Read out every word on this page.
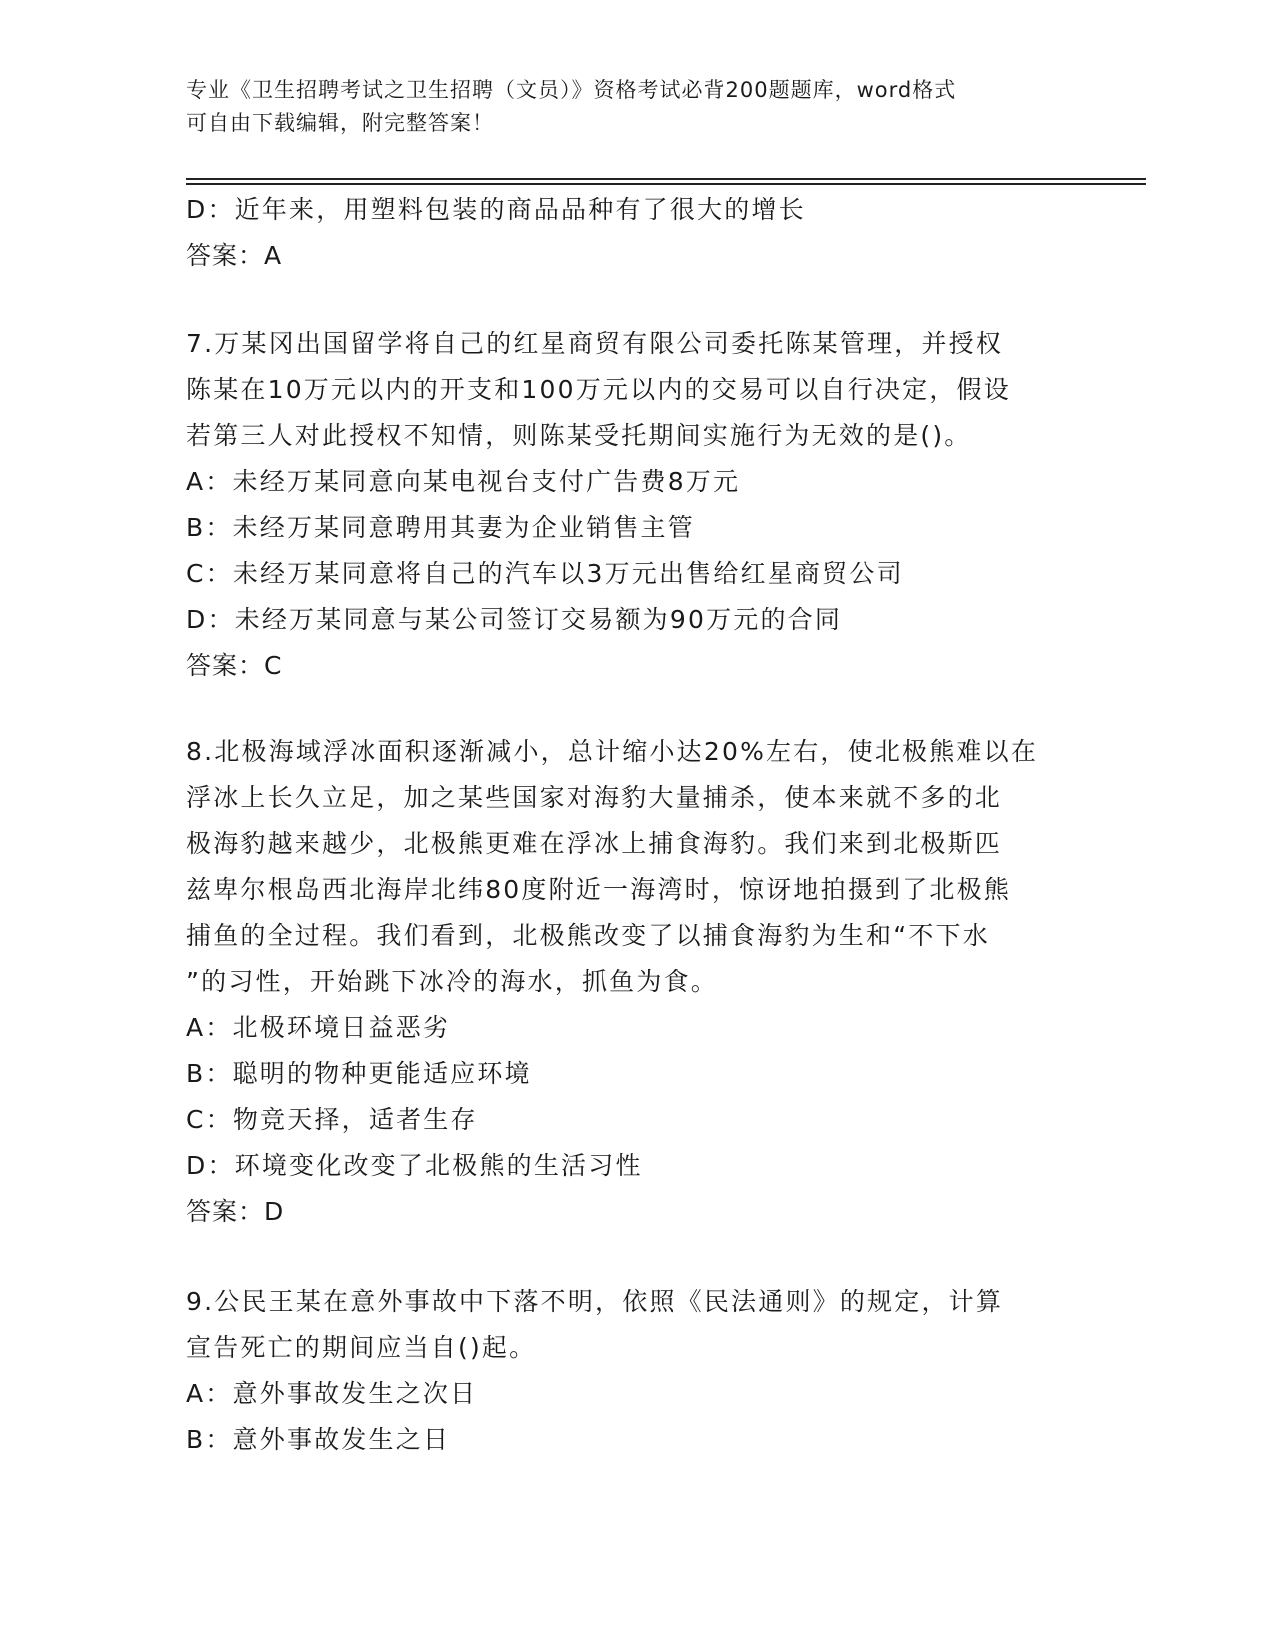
专业《卫生招聘考试之卫生招聘（文员）》资格考试必背200题题库，word格式
可自由下载编辑，附完整答案！
D：近年来，用塑料包装的商品品种有了很大的增长
答案：A
7.万某冈出国留学将自己的红星商贸有限公司委托陈某管理，并授权
陈某在10万元以内的开支和100万元以内的交易可以自行决定，假设
若第三人对此授权不知情，则陈某受托期间实施行为无效的是()。
A：未经万某同意向某电视台支付广告费8万元
B：未经万某同意聘用其妻为企业销售主管
C：未经万某同意将自己的汽车以3万元出售给红星商贸公司
D：未经万某同意与某公司签订交易额为90万元的合同
答案：C
8.北极海域浮冰面积逐渐减小，总计缩小达20%左右，使北极熊难以在
浮冰上长久立足，加之某些国家对海豹大量捕杀，使本来就不多的北
极海豹越来越少，北极熊更难在浮冰上捕食海豹。我们来到北极斯匹
兹卑尔根岛西北海岸北纬80度附近一海湾时，惊讶地拍摄到了北极熊
捕鱼的全过程。我们看到，北极熊改变了以捕食海豹为生和“不下水
”的习性，开始跳下冰冷的海水，抓鱼为食。
A：北极环境日益恶劣
B：聪明的物种更能适应环境
C：物竞天择，适者生存
D：环境变化改变了北极熊的生活习性
答案：D
9.公民王某在意外事故中下落不明，依照《民法通则》的规定，计算
宣告死亡的期间应当自()起。
A：意外事故发生之次日
B：意外事故发生之日
